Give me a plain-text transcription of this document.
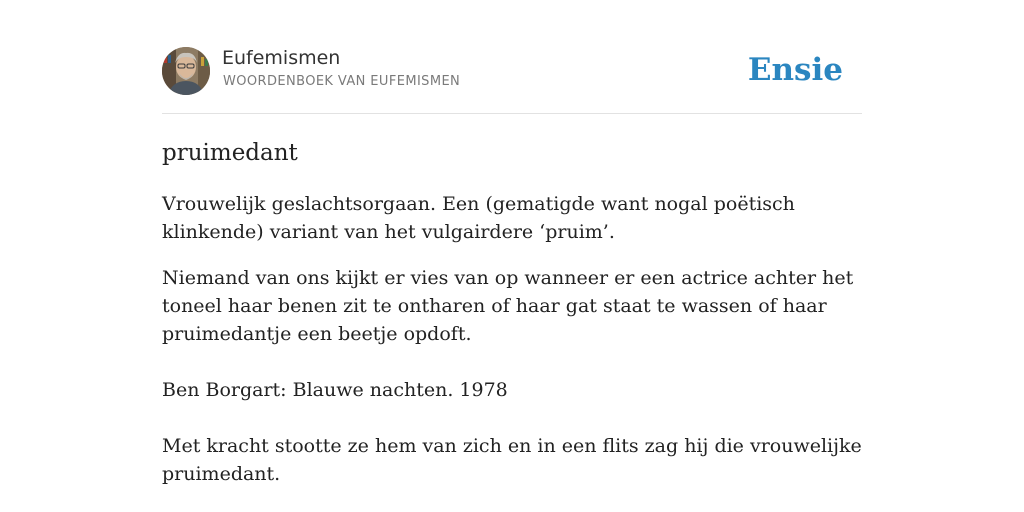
Eufemismen
WOORDENBOEK VAN EUFEMISMEN	Ensie
pruimedant

Vrouwelijk geslachtsorgaan. Een (gematigde want nogal poëtisch klinkende) variant van het vulgairdere ‘pruim’.

Niemand van ons kijkt er vies van op wanneer er een actrice achter het toneel haar benen zit te ontharen of haar gat staat te wassen of haar pruimedantje een beetje opdoft.

Ben Borgart: Blauwe nachten. 1978

Met kracht stootte ze hem van zich en in een flits zag hij die vrouwelijke pruimedant.
